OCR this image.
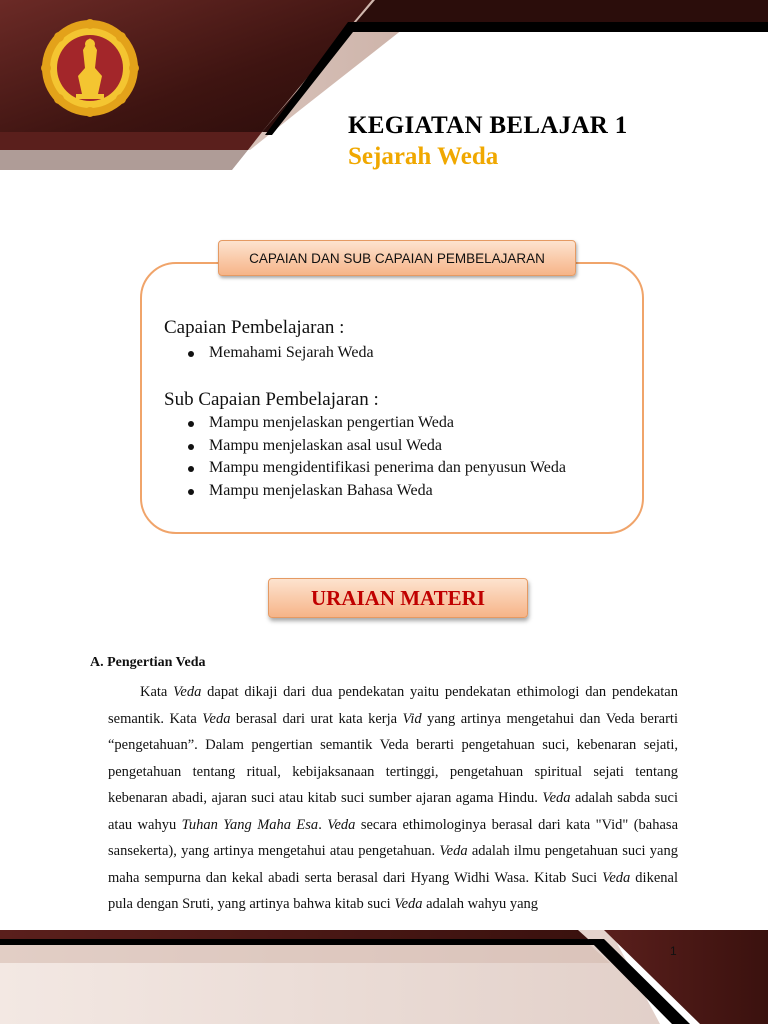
KEGIATAN BELAJAR 1
Sejarah Weda
CAPAIAN DAN SUB CAPAIAN PEMBELAJARAN
Capaian Pembelajaran :
Memahami Sejarah Weda
Sub Capaian Pembelajaran :
Mampu menjelaskan pengertian Weda
Mampu menjelaskan asal usul Weda
Mampu mengidentifikasi penerima dan penyusun Weda
Mampu menjelaskan Bahasa Weda
URAIAN MATERI
A. Pengertian Veda

Kata Veda dapat dikaji dari dua pendekatan yaitu pendekatan ethimologi dan pendekatan semantik. Kata Veda berasal dari urat kata kerja Vid yang artinya mengetahui dan Veda berarti “pengetahuan”. Dalam pengertian semantik Veda berarti pengetahuan suci, kebenaran sejati, pengetahuan tentang ritual, kebijaksanaan tertinggi, pengetahuan spiritual sejati tentang kebenaran abadi, ajaran suci atau kitab suci sumber ajaran agama Hindu. Veda adalah sabda suci atau wahyu Tuhan Yang Maha Esa. Veda secara ethimologinya berasal dari kata "Vid" (bahasa sansekerta), yang artinya mengetahui atau pengetahuan. Veda adalah ilmu pengetahuan suci yang maha sempurna dan kekal abadi serta berasal dari Hyang Widhi Wasa. Kitab Suci Veda dikenal pula dengan Sruti, yang artinya bahwa kitab suci Veda adalah wahyu yang

1
